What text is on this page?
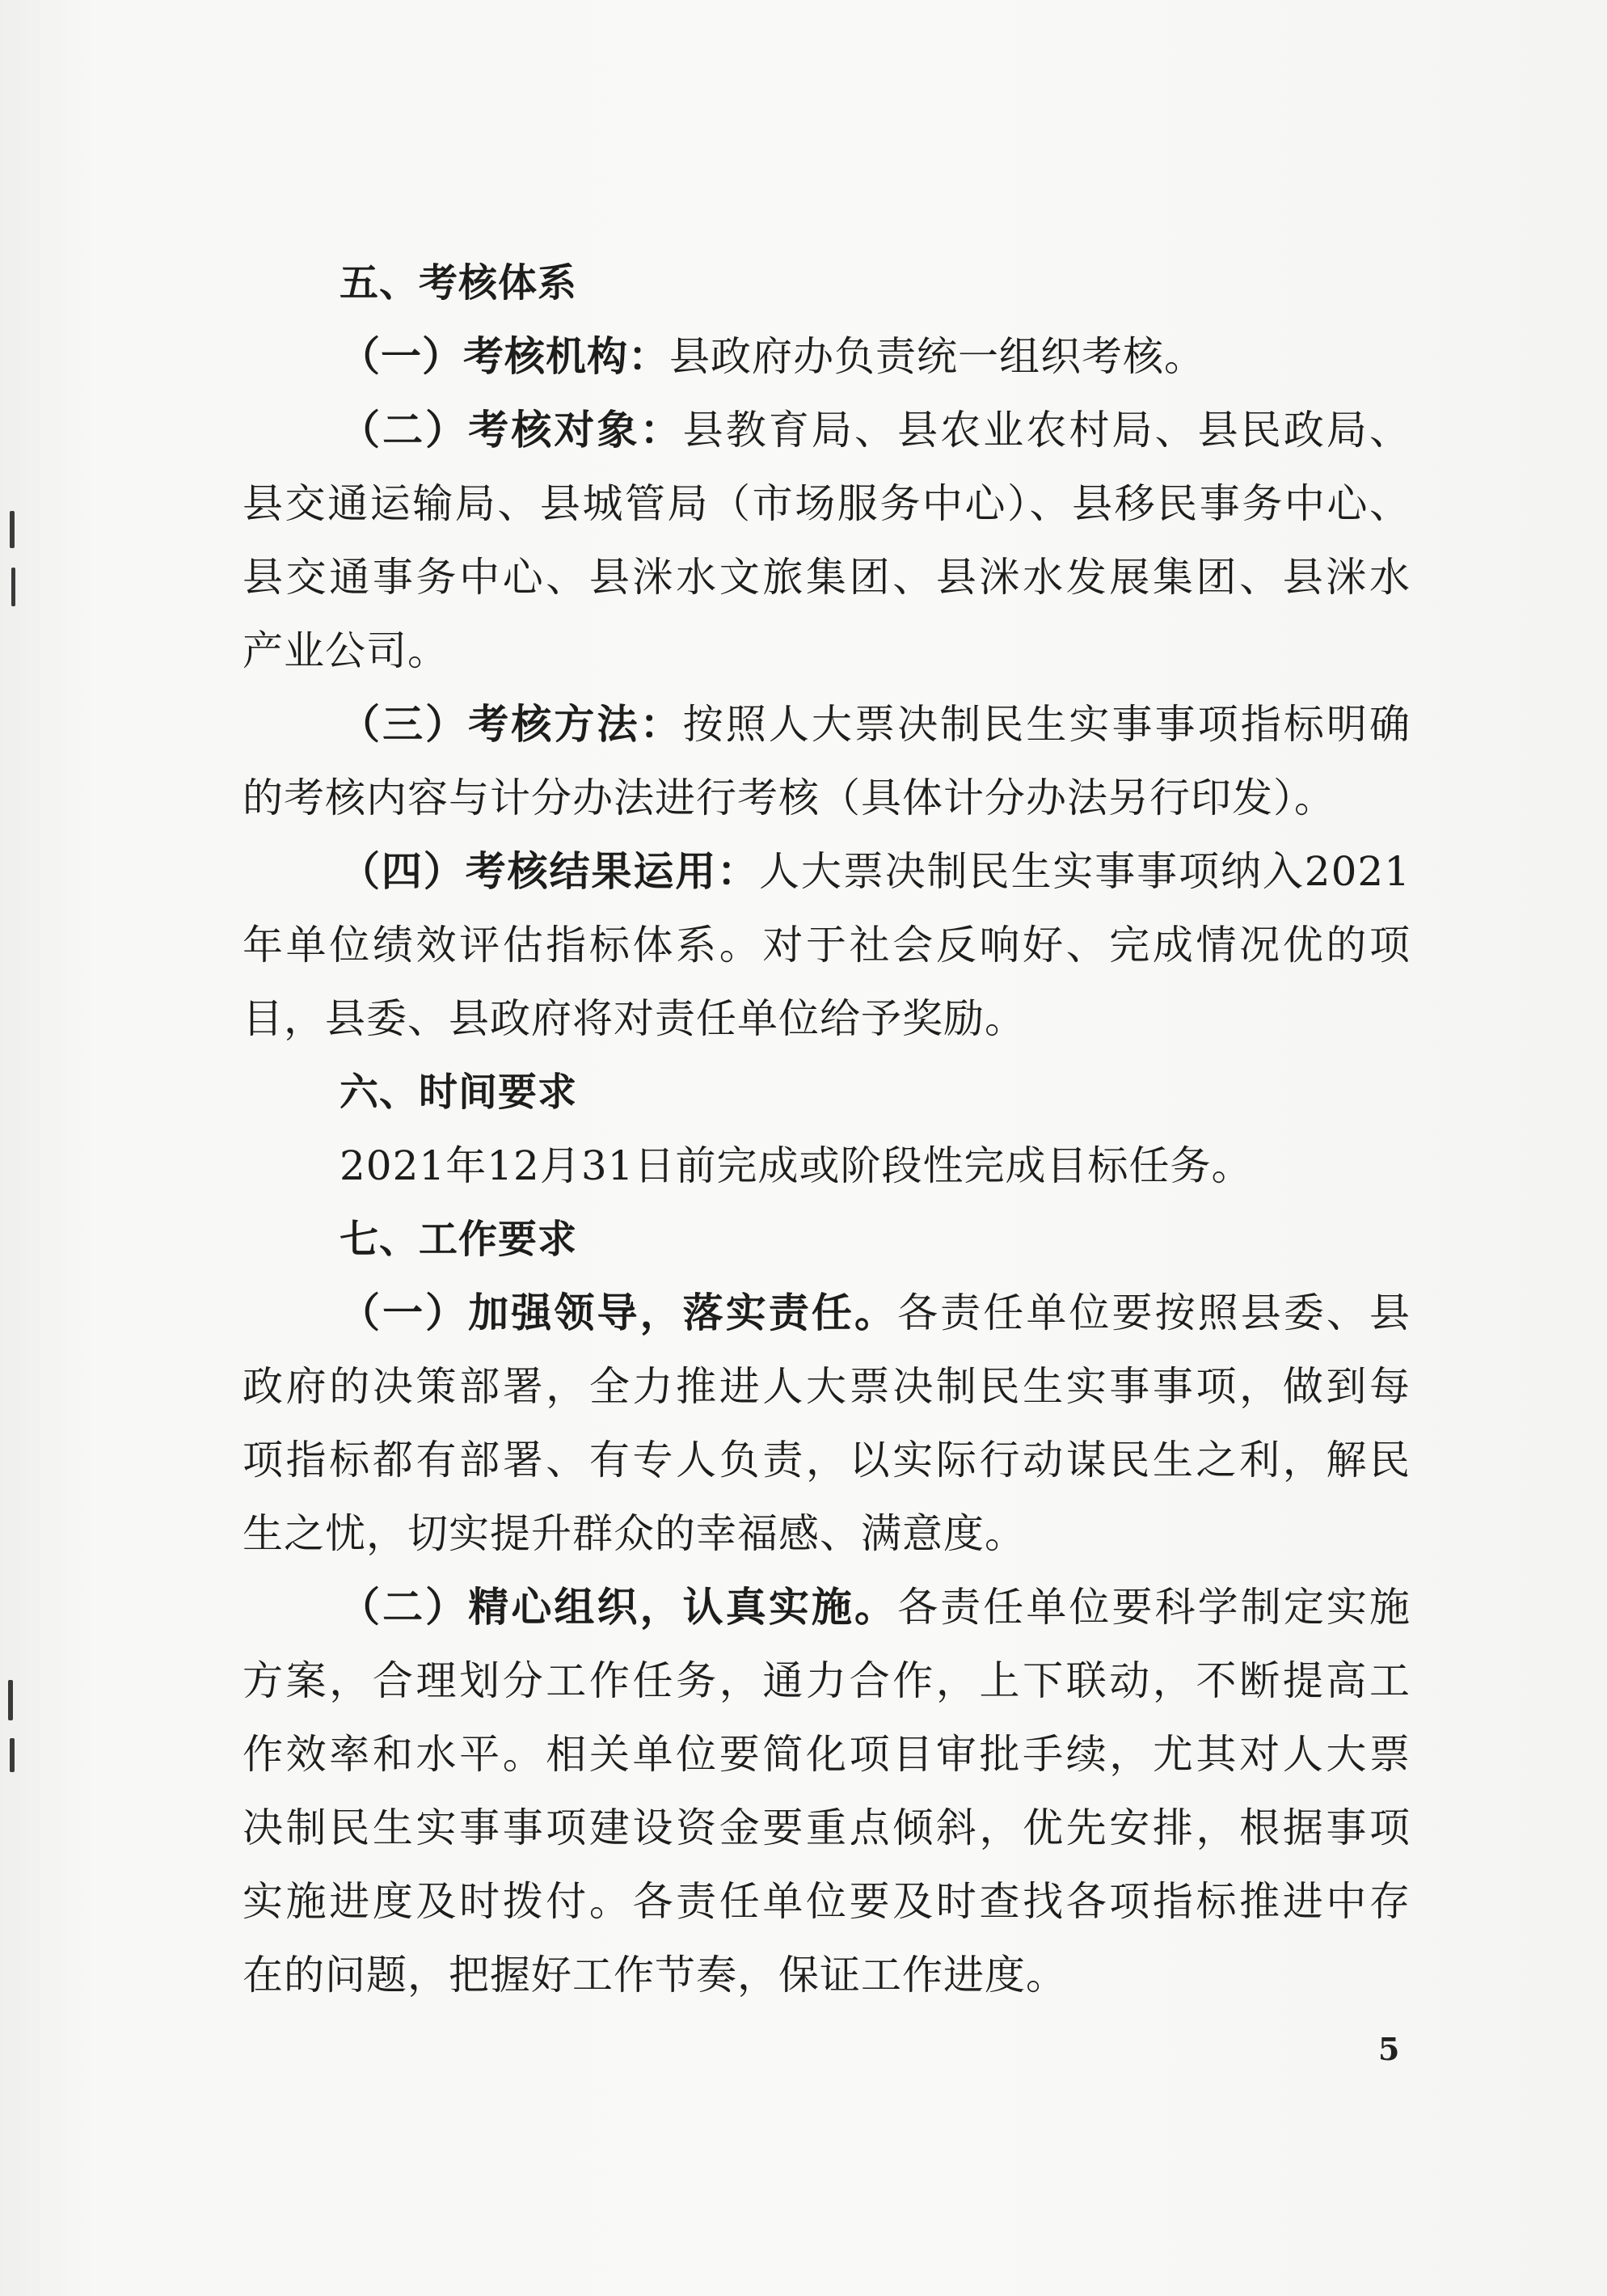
五、考核体系
（一）考核机构：县政府办负责统一组织考核。
（二）考核对象：县教育局、县农业农村局、县民政局、
县交通运输局、县城管局（市场服务中心）、县移民事务中心、
县交通事务中心、县洣水文旅集团、县洣水发展集团、县洣水
产业公司。
（三）考核方法：按照人大票决制民生实事事项指标明确
的考核内容与计分办法进行考核（具体计分办法另行印发）。
（四）考核结果运用：人大票决制民生实事事项纳入2021
年单位绩效评估指标体系。对于社会反响好、完成情况优的项
目，县委、县政府将对责任单位给予奖励。
六、时间要求
2021年12月31日前完成或阶段性完成目标任务。
七、工作要求
（一）加强领导，落实责任。各责任单位要按照县委、县
政府的决策部署，全力推进人大票决制民生实事事项，做到每
项指标都有部署、有专人负责，以实际行动谋民生之利，解民
生之忧，切实提升群众的幸福感、满意度。
（二）精心组织，认真实施。各责任单位要科学制定实施
方案，合理划分工作任务，通力合作，上下联动，不断提高工
作效率和水平。相关单位要简化项目审批手续，尤其对人大票
决制民生实事事项建设资金要重点倾斜，优先安排，根据事项
实施进度及时拨付。各责任单位要及时查找各项指标推进中存
在的问题，把握好工作节奏，保证工作进度。
5
